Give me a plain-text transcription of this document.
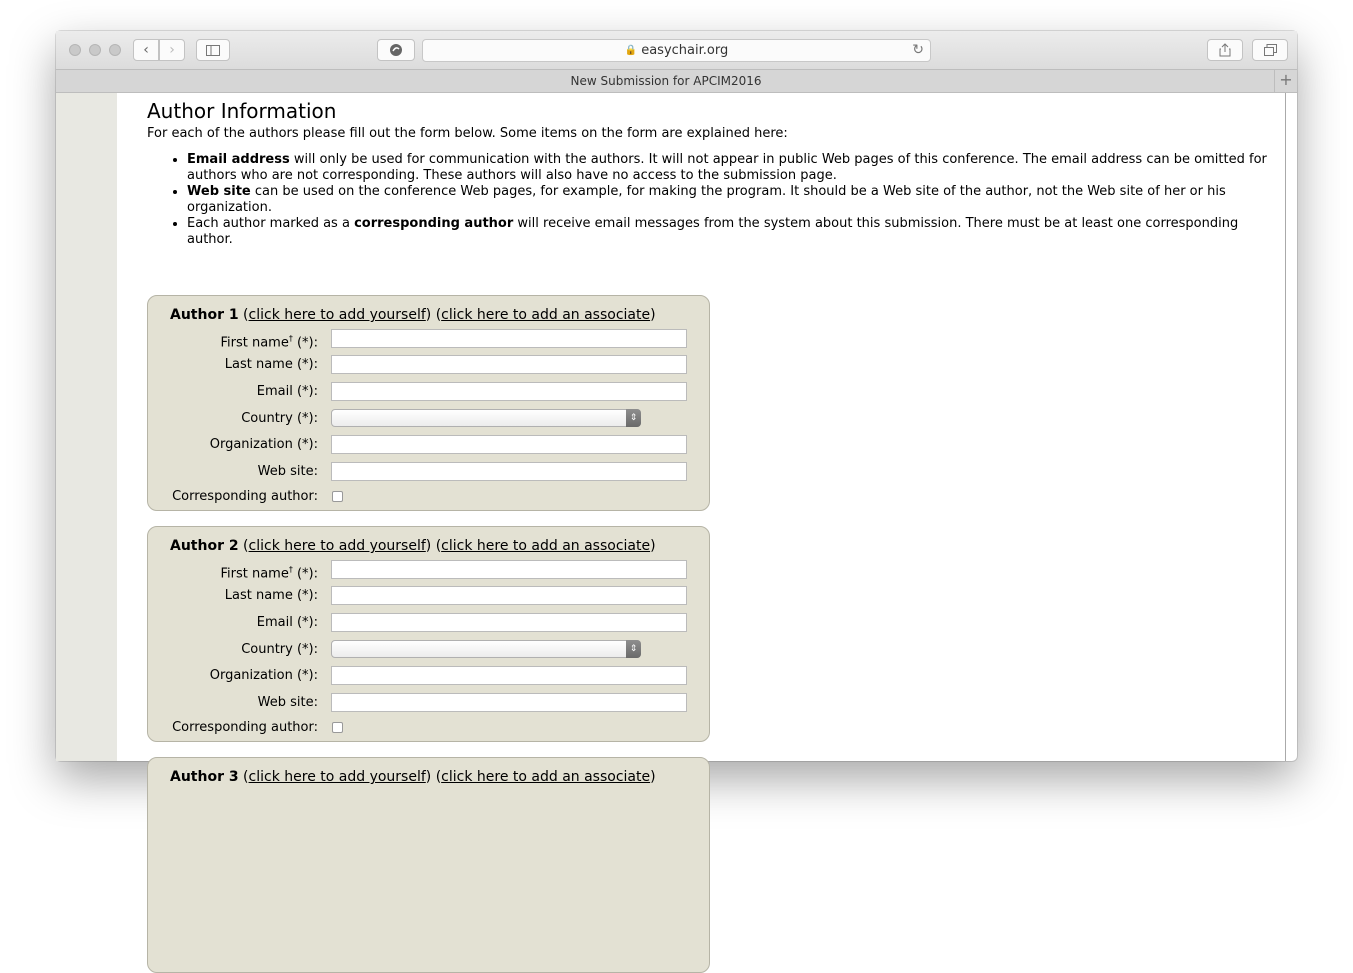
‹ ›	🔒 easychair.org	↻
New Submission for APCIM2016	+
Author Information
For each of the authors please fill out the form below. Some items on the form are explained here:
• Email address will only be used for communication with the authors. It will not appear in public Web pages of this conference. The email address can be omitted for authors who are not corresponding. These authors will also have no access to the submission page.
• Web site can be used on the conference Web pages, for example, for making the program. It should be a Web site of the author, not the Web site of her or his organization.
• Each author marked as a corresponding author will receive email messages from the system about this submission. There must be at least one corresponding author.
Author 1 (click here to add yourself) (click here to add an associate)
First name† (*):
Last name (*):
Email (*):
Country (*):	⇕
Organization (*):
Web site:
Corresponding author:
Author 2 (click here to add yourself) (click here to add an associate)
First name† (*):
Last name (*):
Email (*):
Country (*):	⇕
Organization (*):
Web site:
Corresponding author:
Author 3 (click here to add yourself) (click here to add an associate)
